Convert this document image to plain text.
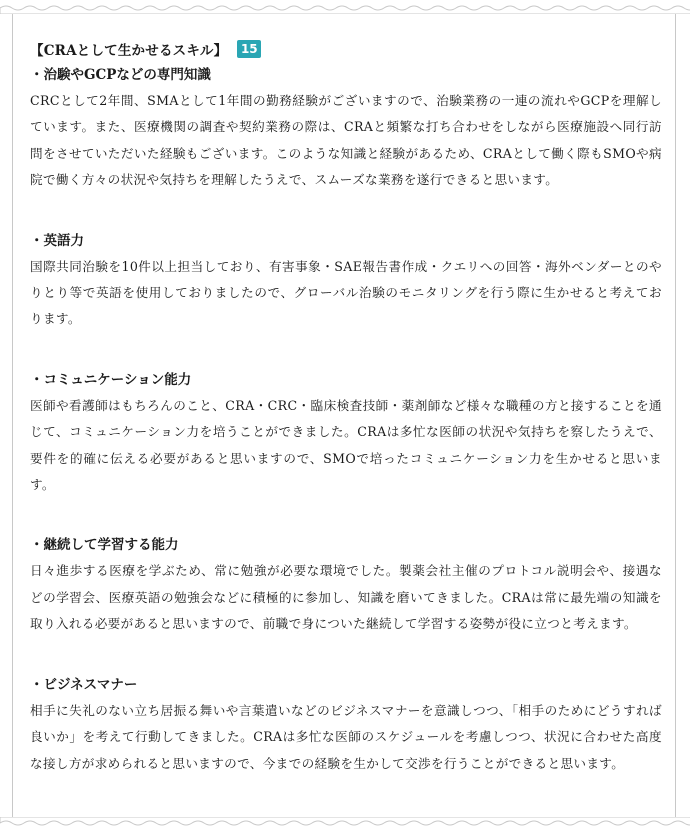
【CRAとして生かせるスキル】	15
・治験やGCPなどの専門知識

CRCとして2年間、SMAとして1年間の勤務経験がございますので、治験業務の一連の流れやGCPを理解しています。また、医療機関の調査や契約業務の際は、CRAと頻繁な打ち合わせをしながら医療施設へ同行訪問をさせていただいた経験もございます。このような知識と経験があるため、CRAとして働く際もSMOや病院で働く方々の状況や気持ちを理解したうえで、スムーズな業務を遂行できると思います。

・英語力

国際共同治験を10件以上担当しており、有害事象・SAE報告書作成・クエリへの回答・海外ベンダーとのやりとり等で英語を使用しておりましたので、グローバル治験のモニタリングを行う際に生かせると考えております。

・コミュニケーション能力

医師や看護師はもちろんのこと、CRA・CRC・臨床検査技師・薬剤師など様々な職種の方と接することを通じて、コミュニケーション力を培うことができました。CRAは多忙な医師の状況や気持ちを察したうえで、要件を的確に伝える必要があると思いますので、SMOで培ったコミュニケーション力を生かせると思います。

・継続して学習する能力

日々進歩する医療を学ぶため、常に勉強が必要な環境でした。製薬会社主催のプロトコル説明会や、接遇などの学習会、医療英語の勉強会などに積極的に参加し、知識を磨いてきました。CRAは常に最先端の知識を取り入れる必要があると思いますので、前職で身についた継続して学習する姿勢が役に立つと考えます。

・ビジネスマナー

相手に失礼のない立ち居振る舞いや言葉遣いなどのビジネスマナーを意識しつつ、「相手のためにどうすれば良いか」を考えて行動してきました。CRAは多忙な医師のスケジュールを考慮しつつ、状況に合わせた高度な接し方が求められると思いますので、今までの経験を生かして交渉を行うことができると思います。
